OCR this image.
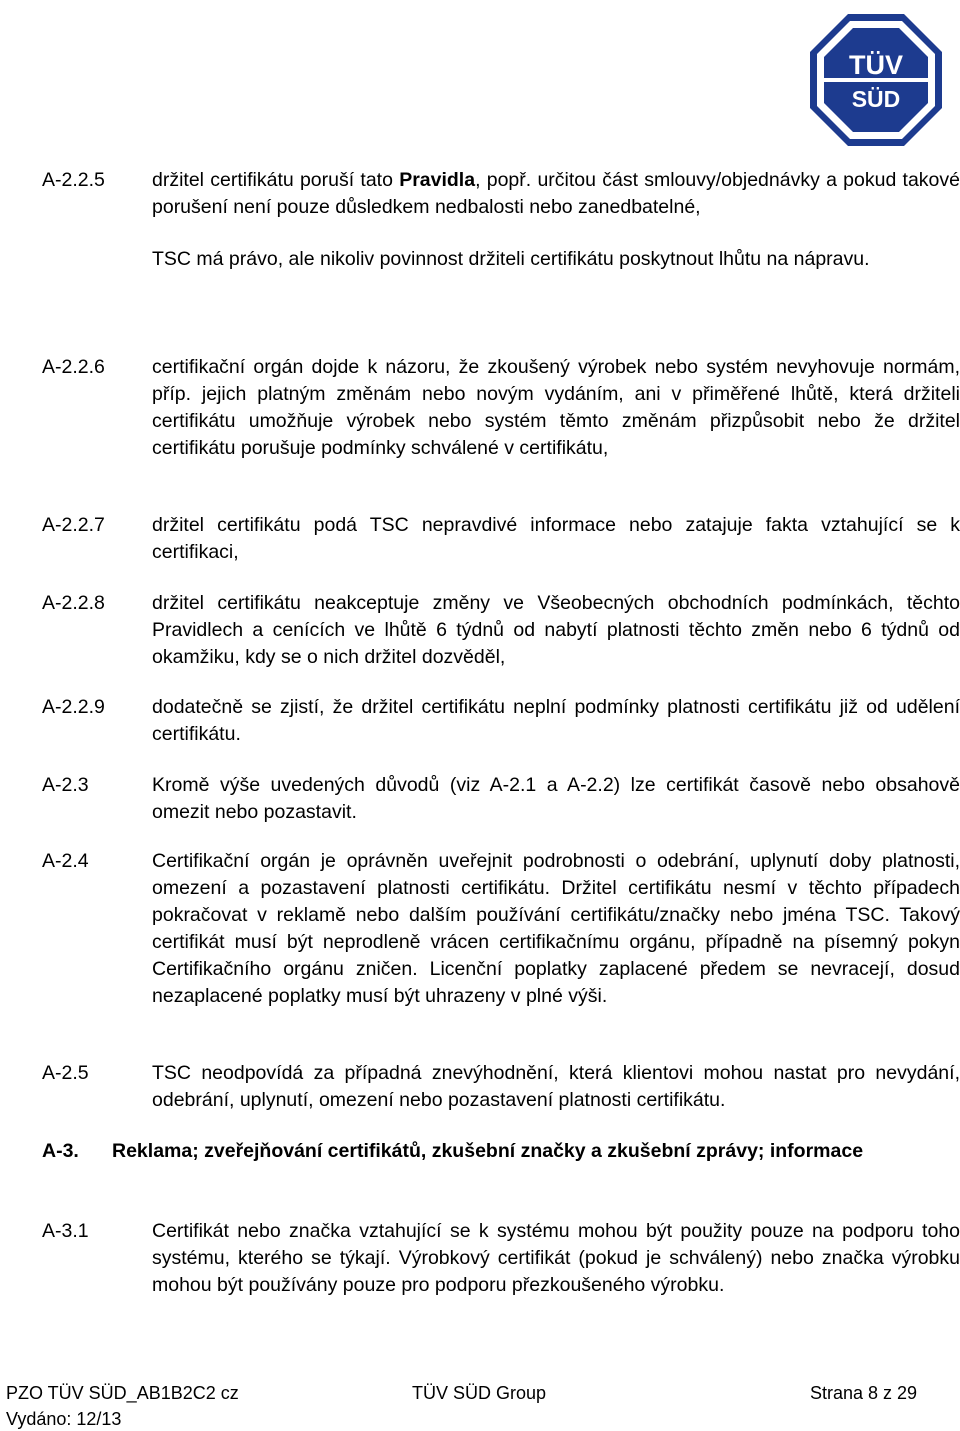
TÜV
SÜD
A-2.2.5 držitel certifikátu poruší tato Pravidla, popř. určitou část smlouvy/objednávky a pokud takové porušení není pouze důsledkem nedbalosti nebo zanedbatelné,

TSC má právo, ale nikoliv povinnost držiteli certifikátu poskytnout lhůtu na nápravu.

A-2.2.6 certifikační orgán dojde k názoru, že zkoušený výrobek nebo systém nevyhovuje normám, příp. jejich platným změnám nebo novým vydáním, ani v přiměřené lhůtě, která držiteli certifikátu umožňuje výrobek nebo systém těmto změnám přizpůsobit nebo že držitel certifikátu porušuje podmínky schválené v certifikátu,

A-2.2.7 držitel certifikátu podá TSC nepravdivé informace nebo zatajuje fakta vztahující se k certifikaci,

A-2.2.8 držitel certifikátu neakceptuje změny ve Všeobecných obchodních podmínkách, těchto Pravidlech a cenících ve lhůtě 6 týdnů od nabytí platnosti těchto změn nebo 6 týdnů od okamžiku, kdy se o nich držitel dozvěděl,

A-2.2.9 dodatečně se zjistí, že držitel certifikátu neplní podmínky platnosti certifikátu již od udělení certifikátu.

A-2.3	Kromě výše uvedených důvodů (viz A-2.1 a A-2.2) lze certifikát časově nebo obsahově omezit nebo pozastavit.

A-2.4	Certifikační orgán je oprávněn uveřejnit podrobnosti o odebrání, uplynutí doby platnosti, omezení a pozastavení platnosti certifikátu. Držitel certifikátu nesmí v těchto případech pokračovat v reklamě nebo dalším používání certifikátu/značky nebo jména TSC. Takový certifikát musí být neprodleně vrácen certifikačnímu orgánu, případně na písemný pokyn Certifikačního orgánu zničen. Licenční poplatky zaplacené předem se nevracejí, dosud nezaplacené poplatky musí být uhrazeny v plné výši.

A-2.5	TSC neodpovídá za případná znevýhodnění, která klientovi mohou nastat pro nevydání, odebrání, uplynutí, omezení nebo pozastavení platnosti certifikátu.

A-3. Reklama; zveřejňování certifikátů, zkušební značky a zkušební zprávy; informace
A-3.1	Certifikát nebo značka vztahující se k systému mohou být použity pouze na podporu toho systému, kterého se týkají. Výrobkový certifikát (pokud je schválený) nebo značka výrobku mohou být používány pouze pro podporu přezkoušeného výrobku.

PZO TÜV SÜD_AB1B2C2 cz	TÜV SÜD Group	Strana 8 z 29
Vydáno: 12/13
